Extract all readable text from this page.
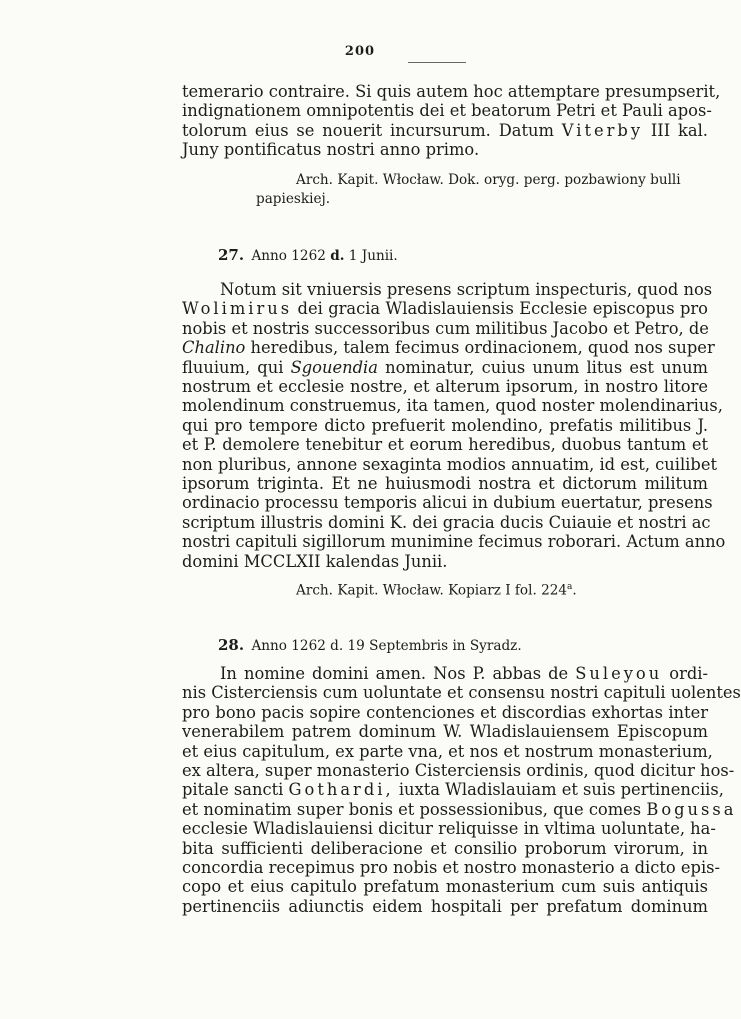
200
temerario contraire. Si quis autem hoc attemptare presumpserit,
indignationem omnipotentis dei et beatorum Petri et Pauli apos-
tolorum eius se nouerit incursurum. Datum Viterby III kal.
Juny pontificatus nostri anno primo.
Arch. Kapit. Włocław. Dok. oryg. perg. pozbawiony bulli
papieskiej.
27. Anno 1262 d. 1 Junii.
Notum sit vniuersis presens scriptum inspecturis, quod nos
Wolimirus dei gracia Wladislauiensis Ecclesie episcopus pro
nobis et nostris successoribus cum militibus Jacobo et Petro, de
Chalino heredibus, talem fecimus ordinacionem, quod nos super
fluuium, qui Sgouendia nominatur, cuius unum litus est unum
nostrum et ecclesie nostre, et alterum ipsorum, in nostro litore
molendinum construemus, ita tamen, quod noster molendinarius,
qui pro tempore dicto prefuerit molendino, prefatis militibus J.
et P. demolere tenebitur et eorum heredibus, duobus tantum et
non pluribus, annone sexaginta modios annuatim, id est, cuilibet
ipsorum triginta. Et ne huiusmodi nostra et dictorum militum
ordinacio processu temporis alicui in dubium euertatur, presens
scriptum illustris domini K. dei gracia ducis Cuiauie et nostri ac
nostri capituli sigillorum munimine fecimus roborari. Actum anno
domini MCCLXII kalendas Junii.
Arch. Kapit. Włocław. Kopiarz I fol. 224$^a$.
28. Anno 1262 d. 19 Septembris in Syradz.
In nomine domini amen. Nos P. abbas de Suleyou ordi-
nis Cisterciensis cum uoluntate et consensu nostri capituli uolentes
pro bono pacis sopire contenciones et discordias exhortas inter
venerabilem patrem dominum W. Wladislauiensem Episcopum
et eius capitulum, ex parte vna, et nos et nostrum monasterium,
ex altera, super monasterio Cisterciensis ordinis, quod dicitur hos-
pitale sancti Gothardi, iuxta Wladislauiam et suis pertinenciis,
et nominatim super bonis et possessionibus, que comes Bogussa
ecclesie Wladislauiensi dicitur reliquisse in vltima uoluntate, ha-
bita sufficienti deliberacione et consilio proborum virorum, in
concordia recepimus pro nobis et nostro monasterio a dicto epis-
copo et eius capitulo prefatum monasterium cum suis antiquis
pertinenciis adiunctis eidem hospitali per prefatum dominum
